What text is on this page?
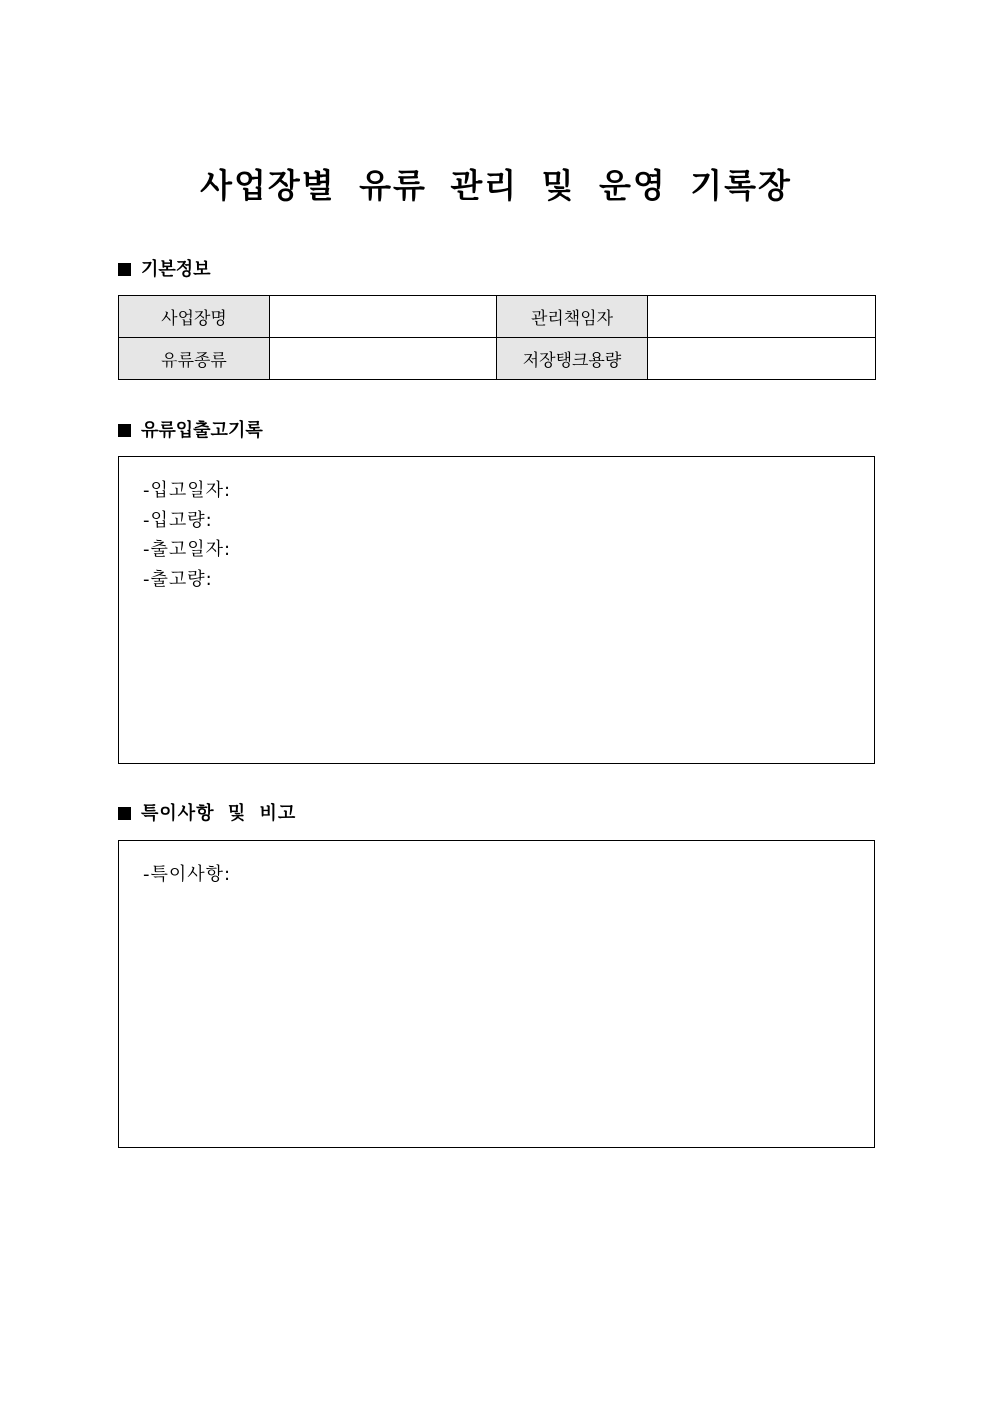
사업장별 유류 관리 및 운영 기록장
기본정보
사업장명		관리책임자	
유류종류		저장탱크용량	
유류입출고기록
-입고일자:
-입고량:
-출고일자:
-출고량:
특이사항 및 비고
-특이사항:
